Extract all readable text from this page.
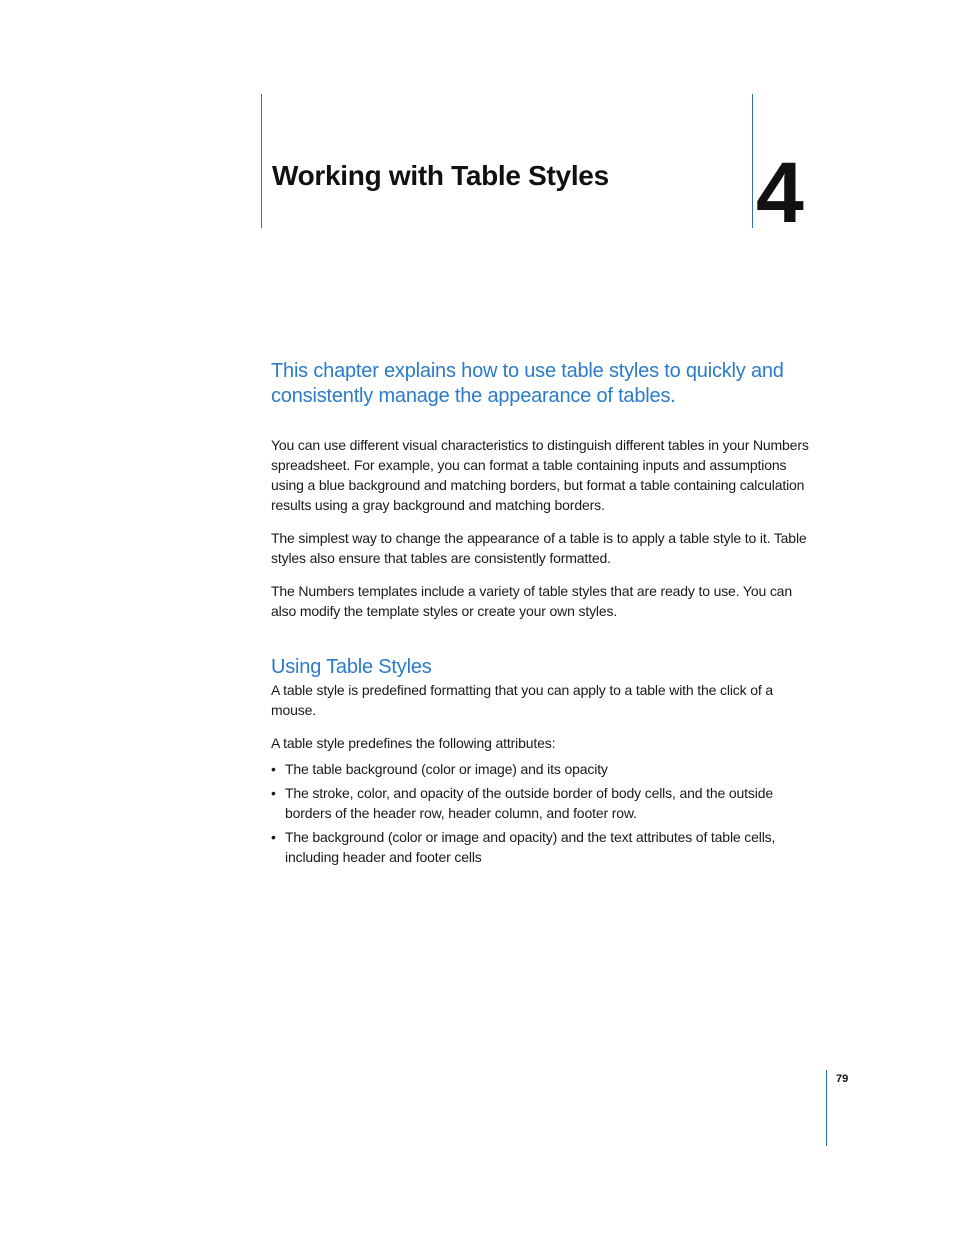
Working with Table Styles 4

This chapter explains how to use table styles to quickly and consistently manage the appearance of tables.

You can use different visual characteristics to distinguish different tables in your Numbers spreadsheet. For example, you can format a table containing inputs and assumptions using a blue background and matching borders, but format a table containing calculation results using a gray background and matching borders.

The simplest way to change the appearance of a table is to apply a table style to it. Table styles also ensure that tables are consistently formatted.

The Numbers templates include a variety of table styles that are ready to use. You can also modify the template styles or create your own styles.

Using Table Styles

A table style is predefined formatting that you can apply to a table with the click of a mouse.

A table style predefines the following attributes:

• The table background (color or image) and its opacity
• The stroke, color, and opacity of the outside border of body cells, and the outside borders of the header row, header column, and footer row.
• The background (color or image and opacity) and the text attributes of table cells, including header and footer cells
79
